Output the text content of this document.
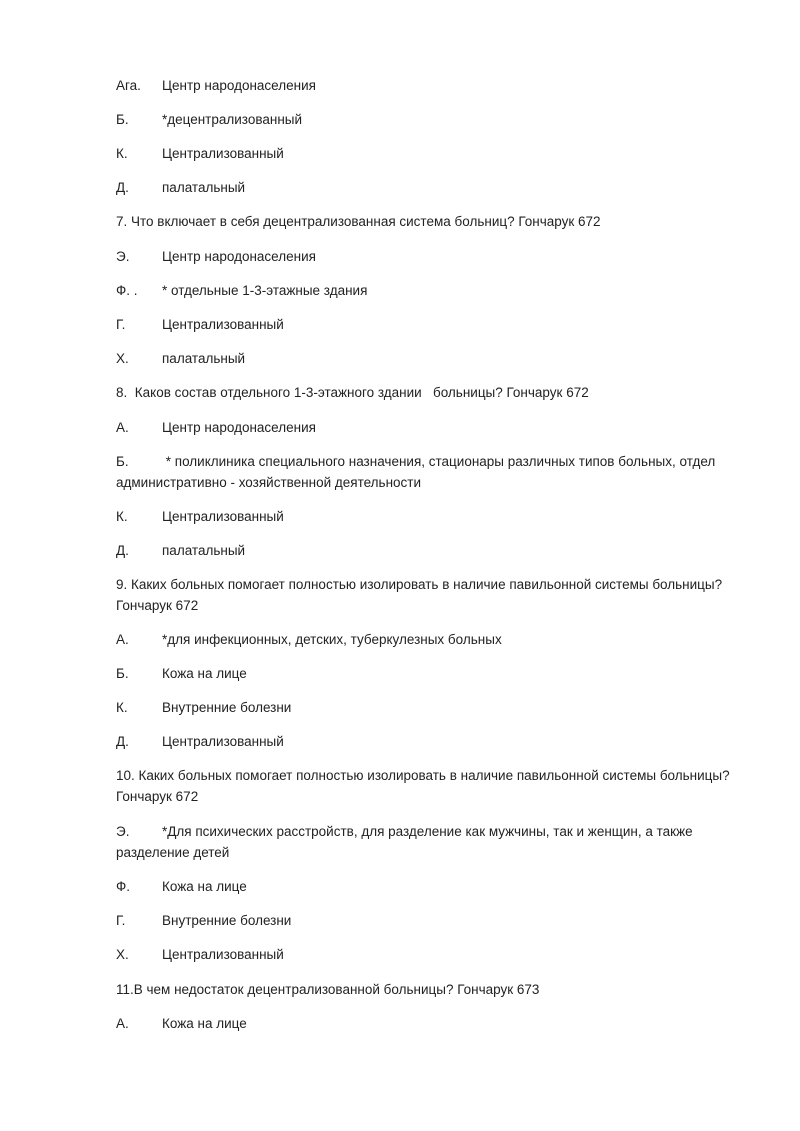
Ага. Центр народонаселения
Б. *децентрализованный
К.	Централизованный
Д. палатальный
7. Что включает в себя децентрализованная система больниц? Гончарук 672
Э. Центр народонаселения
Ф. . * отдельные 1-3-этажные здания
Г.	Централизованный
Х. палатальный
8.  Каков состав отдельного 1-3-этажного здании   больницы? Гончарук 672
А. Центр народонаселения
Б. * поликлиника специального назначения, стационары различных типов больных, отдел административно - хозяйственной деятельности
К.	Централизованный
Д. палатальный
9. Каких больных помогает полностью изолировать в наличие павильонной системы больницы? Гончарук 672
А. *для инфекционных, детских, туберкулезных больных
Б. Кожа на лице
К.	Внутренние болезни
Д. Централизованный
10. Каких больных помогает полностью изолировать в наличие павильонной системы больницы? Гончарук 672
Э. *Для психических расстройств, для разделение как мужчины, так и женщин, а также разделение детей
Ф. Кожа на лице
Г.	Внутренние болезни
Х. Централизованный
11.В чем недостаток децентрализованной больницы? Гончарук 673
А. Кожа на лице
